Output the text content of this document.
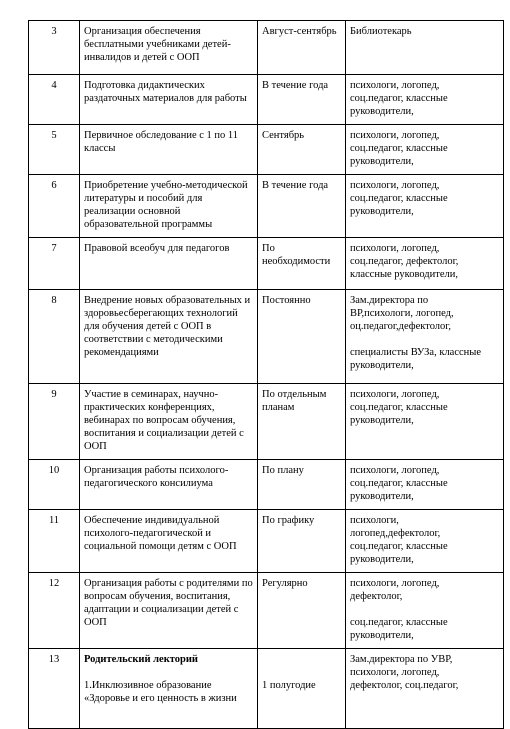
3	Организация обеспечения
бесплатными учебниками детей-
инвалидов и детей с ООП	Август-сентябрь	Библиотекарь

4	Подготовка дидактических
раздаточных материалов для работы	В течение года	психологи, логопед,
соц.педагог, классные
руководители,

5	Первичное обследование с 1 по 11
классы	Сентябрь	психологи, логопед,
соц.педагог, классные
руководители,

6	Приобретение учебно-методической
литературы и пособий для
реализации основной
образовательной программы	В течение года	психологи, логопед,
соц.педагог, классные
руководители,

7	Правовой всеобуч для педагогов	По
необходимости	психологи, логопед,
соц.педагог, дефектолог,
классные руководители,

8	Внедрение новых образовательных и
здоровьесберегающих технологий
для обучения детей с ООП в
соответствии с методическими
рекомендациями	Постоянно	Зам.директора по
ВР,психологи, логопед,
оц.педагог,дефектолог,
специалисты ВУЗа, классные
руководители,

9	Участие в семинарах, научно-
практических конференциях,
вебинарах по вопросам обучения,
воспитания и социализации детей с
ООП	По отдельным
планам	психологи, логопед,
соц.педагог, классные
руководители,

10	Организация работы психолого-
педагогического консилиума	По плану	психологи, логопед,
соц.педагог, классные
руководители,

11	Обеспечение индивидуальной
психолого-педагогической и
социальной помощи детям с ООП	По графику	психологи,
логопед,дефектолог,
соц.педагог, классные
руководители,

12	Организация работы с родителями по
вопросам обучения, воспитания,
адаптации и социализации детей с
ООП	Регулярно	психологи, логопед,
дефектолог,
соц.педагог, классные
руководители,

13	Родительский лекторий
1.Инклюзивное образование
«Здоровье и его ценность в жизни	1 полугодие	Зам.директора по УВР,
психологи, логопед,
дефектолог, соц.педагог,
